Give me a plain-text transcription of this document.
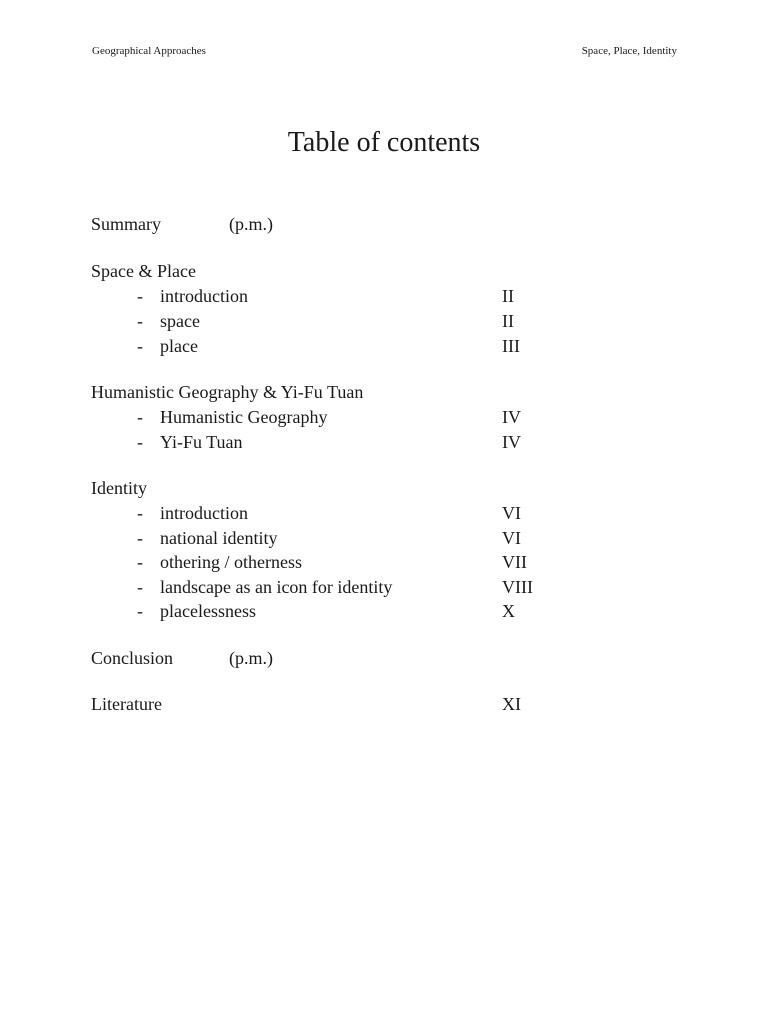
Geographical Approaches	Space, Place, Identity
Table of contents
Summary	(p.m.)
Space & Place
- introduction	II
- space	II
- place	III
Humanistic Geography & Yi-Fu Tuan
- Humanistic Geography	IV
- Yi-Fu Tuan	IV
Identity
- introduction	VI
- national identity	VI
- othering / otherness	VII
- landscape as an icon for identity	VIII
- placelessness	X
Conclusion	(p.m.)
Literature	XI
